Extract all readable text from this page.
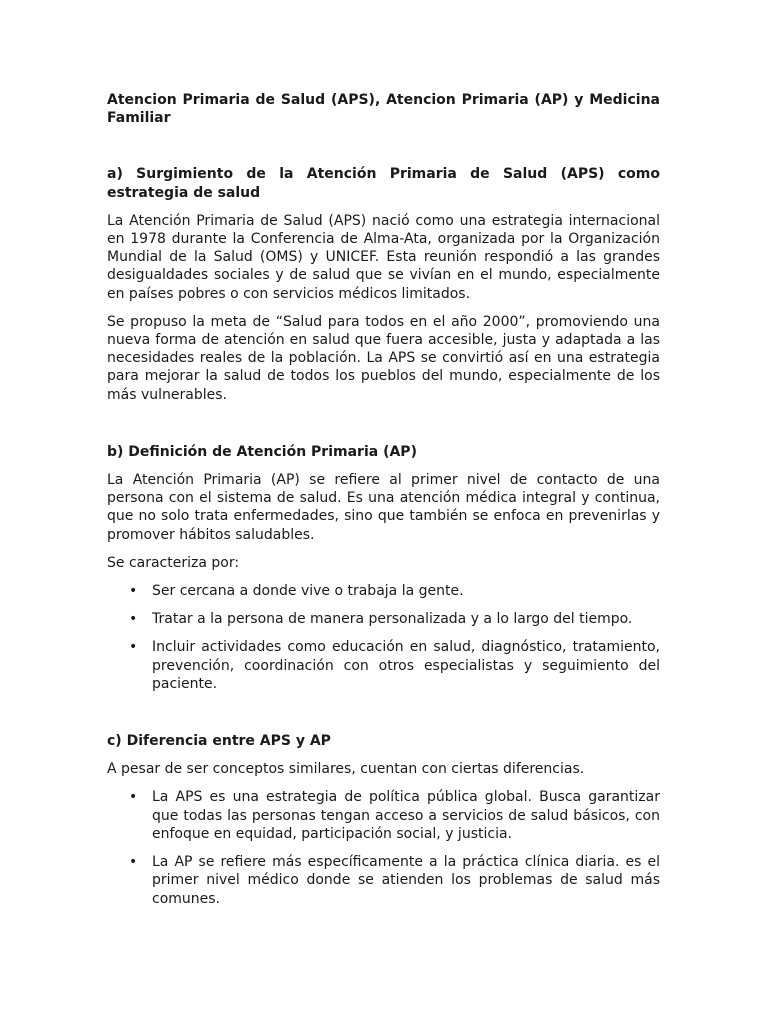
Atencion Primaria de Salud (APS), Atencion Primaria (AP) y Medicina Familiar
a) Surgimiento de la Atención Primaria de Salud (APS) como estrategia de salud

La Atención Primaria de Salud (APS) nació como una estrategia internacional en 1978 durante la Conferencia de Alma-Ata, organizada por la Organización Mundial de la Salud (OMS) y UNICEF. Esta reunión respondió a las grandes desigualdades sociales y de salud que se vivían en el mundo, especialmente en países pobres o con servicios médicos limitados.

Se propuso la meta de “Salud para todos en el año 2000”, promoviendo una nueva forma de atención en salud que fuera accesible, justa y adaptada a las necesidades reales de la población. La APS se convirtió así en una estrategia para mejorar la salud de todos los pueblos del mundo, especialmente de los más vulnerables.

b) Definición de Atención Primaria (AP)

La Atención Primaria (AP) se refiere al primer nivel de contacto de una persona con el sistema de salud. Es una atención médica integral y continua, que no solo trata enfermedades, sino que también se enfoca en prevenirlas y promover hábitos saludables.

Se caracteriza por:

• Ser cercana a donde vive o trabaja la gente.
• Tratar a la persona de manera personalizada y a lo largo del tiempo.
• Incluir actividades como educación en salud, diagnóstico, tratamiento, prevención, coordinación con otros especialistas y seguimiento del paciente.
c) Diferencia entre APS y AP

A pesar de ser conceptos similares, cuentan con ciertas diferencias.

• La APS es una estrategia de política pública global. Busca garantizar que todas las personas tengan acceso a servicios de salud básicos, con enfoque en equidad, participación social, y justicia.
• La AP se refiere más específicamente a la práctica clínica diaria. es el primer nivel médico donde se atienden los problemas de salud más comunes.
